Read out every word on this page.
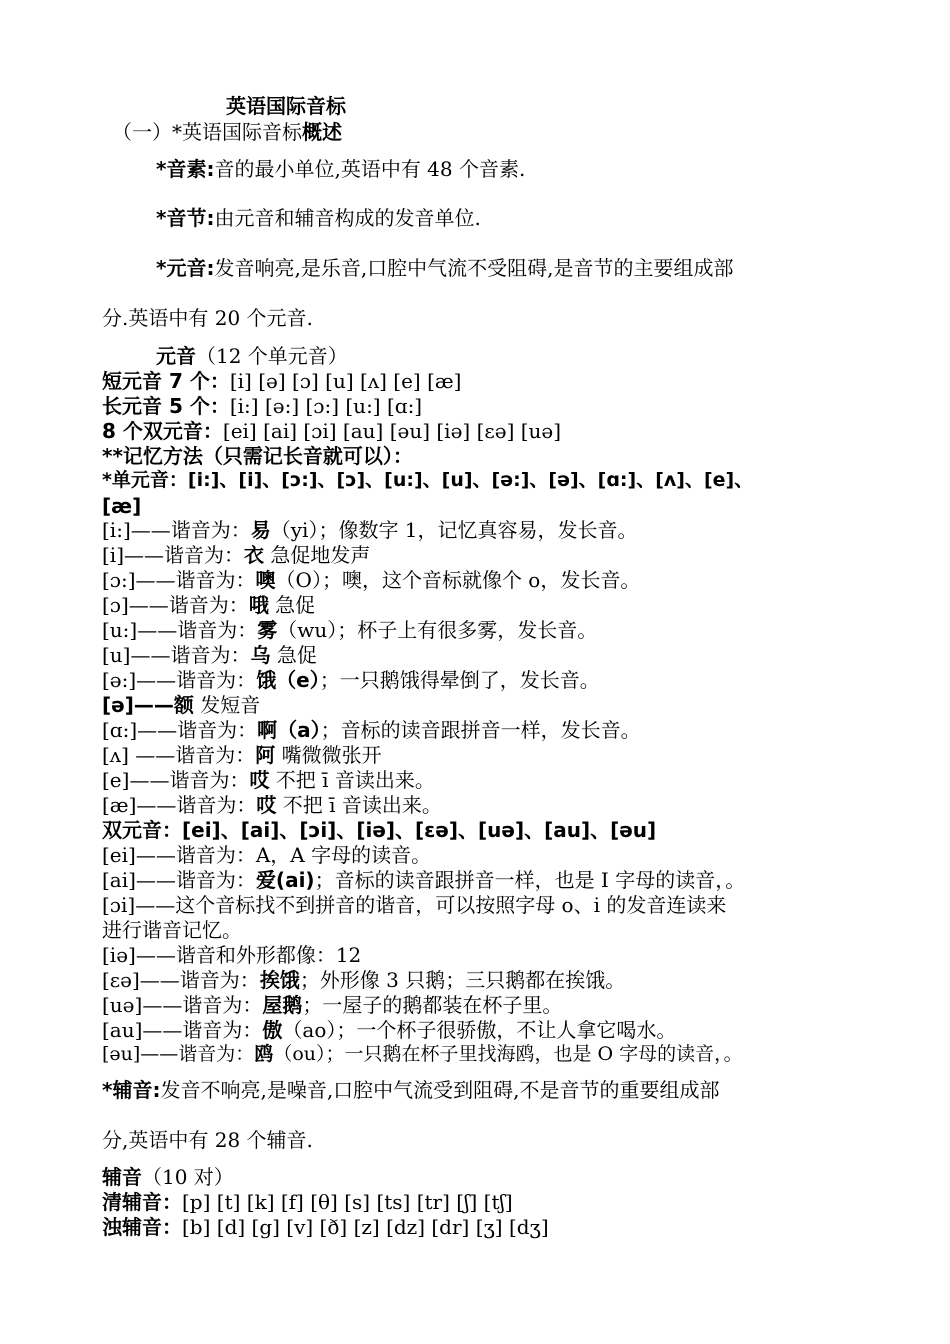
英语国际音标
（一）*英语国际音标概述
*音素:音的最小单位,英语中有 48 个音素.
*音节:由元音和辅音构成的发音单位.
*元音:发音响亮,是乐音,口腔中气流不受阻碍,是音节的主要组成部
分.英语中有 20 个元音.
元音（12 个单元音）
短元音 7 个：[i] [ə] [ɔ] [u] [ʌ] [e] [æ]
长元音 5 个：[i:] [ə:] [ɔ:] [u:] [ɑ:]
8 个双元音：[ei] [ai] [ɔi] [au] [əu] [iə] [ɛə] [uə]
**记忆方法（只需记长音就可以）：
*单元音：[i:]、[i]、[ɔ:]、[ɔ]、[u:]、[u]、[ə:]、[ə]、[ɑ:]、[ʌ]、[e]、
[æ]
[i:]——谐音为：易（yi）；像数字 1，记忆真容易，发长音。
[i]——谐音为：衣 急促地发声
[ɔ:]——谐音为：噢（O）；噢，这个音标就像个 o，发长音。
[ɔ]——谐音为：哦 急促
[u:]——谐音为：雾（wu）；杯子上有很多雾，发长音。
[u]——谐音为：乌 急促
[ə:]——谐音为：饿（e）；一只鹅饿得晕倒了，发长音。
[ə]——额 发短音
[ɑ:]——谐音为：啊（a）；音标的读音跟拼音一样，发长音。
[ʌ] ——谐音为：阿 嘴微微张开
[e]——谐音为：哎 不把 ī 音读出来。
[æ]——谐音为：哎 不把 ī 音读出来。
双元音：[ei]、[ai]、[ɔi]、[iə]、[ɛə]、[uə]、[au]、[əu]
[ei]——谐音为：A，A 字母的读音。
[ai]——谐音为：爱(ai)；音标的读音跟拼音一样，也是 I 字母的读音，。
[ɔi]——这个音标找不到拼音的谐音，可以按照字母 o、i 的发音连读来
进行谐音记忆。
[iə]——谐音和外形都像：12
[ɛə]——谐音为：挨饿；外形像 3 只鹅；三只鹅都在挨饿。
[uə]——谐音为：屋鹅；一屋子的鹅都装在杯子里。
[au]——谐音为：傲（ao）；一个杯子很骄傲，不让人拿它喝水。
[əu]——谐音为：鸥（ou）；一只鹅在杯子里找海鸥，也是 O 字母的读音，。
*辅音:发音不响亮,是噪音,口腔中气流受到阻碍,不是音节的重要组成部
分,英语中有 28 个辅音.
辅音（10 对）
清辅音：[p] [t] [k] [f] [θ] [s] [ts] [tr] [ʃ] [tʃ]
浊辅音：[b] [d] [g] [v] [ð] [z] [dz] [dr] [ʒ] [dʒ]
